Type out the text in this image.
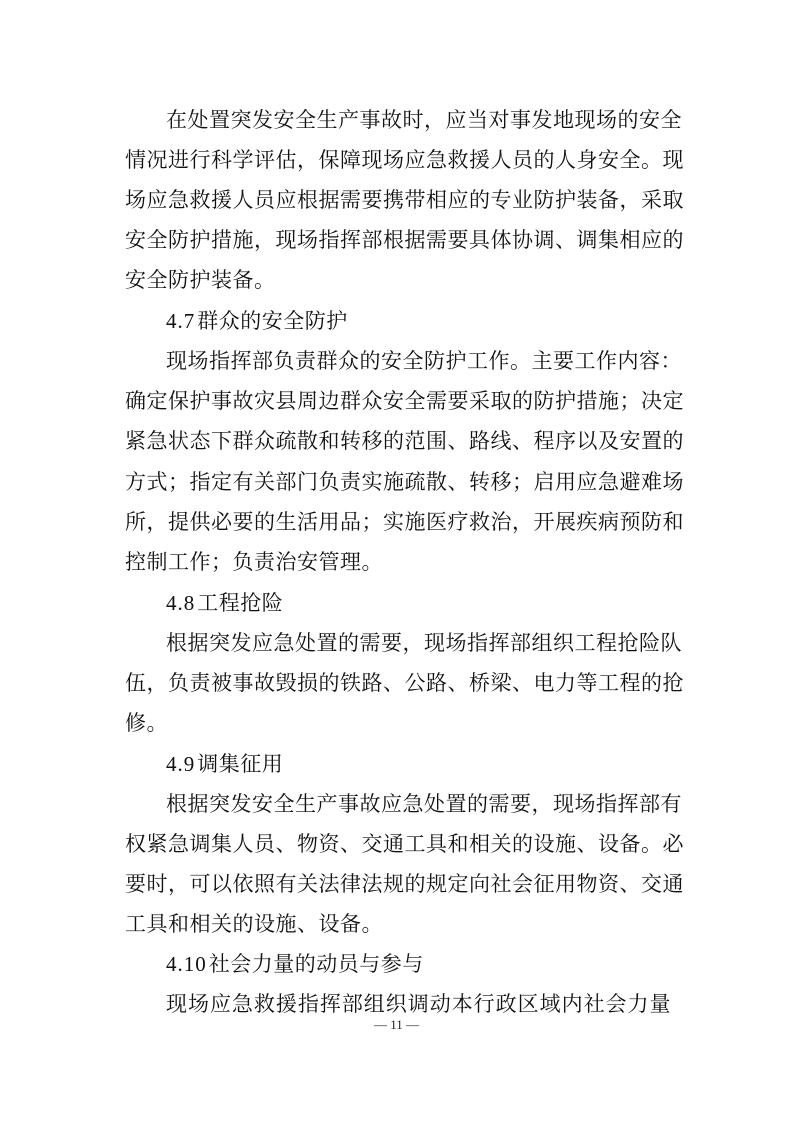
在处置突发安全生产事故时，应当对事发地现场的安全
情况进行科学评估，保障现场应急救援人员的人身安全。现
场应急救援人员应根据需要携带相应的专业防护装备，采取
安全防护措施，现场指挥部根据需要具体协调、调集相应的
安全防护装备。
4.7群众的安全防护
现场指挥部负责群众的安全防护工作。主要工作内容：
确定保护事故灾县周边群众安全需要采取的防护措施；决定
紧急状态下群众疏散和转移的范围、路线、程序以及安置的
方式；指定有关部门负责实施疏散、转移；启用应急避难场
所，提供必要的生活用品；实施医疗救治，开展疾病预防和
控制工作；负责治安管理。
4.8工程抢险
根据突发应急处置的需要，现场指挥部组织工程抢险队
伍，负责被事故毁损的铁路、公路、桥梁、电力等工程的抢
修。
4.9调集征用
根据突发安全生产事故应急处置的需要，现场指挥部有
权紧急调集人员、物资、交通工具和相关的设施、设备。必
要时，可以依照有关法律法规的规定向社会征用物资、交通
工具和相关的设施、设备。
4.10社会力量的动员与参与
现场应急救援指挥部组织调动本行政区域内社会力量
— 11 —
